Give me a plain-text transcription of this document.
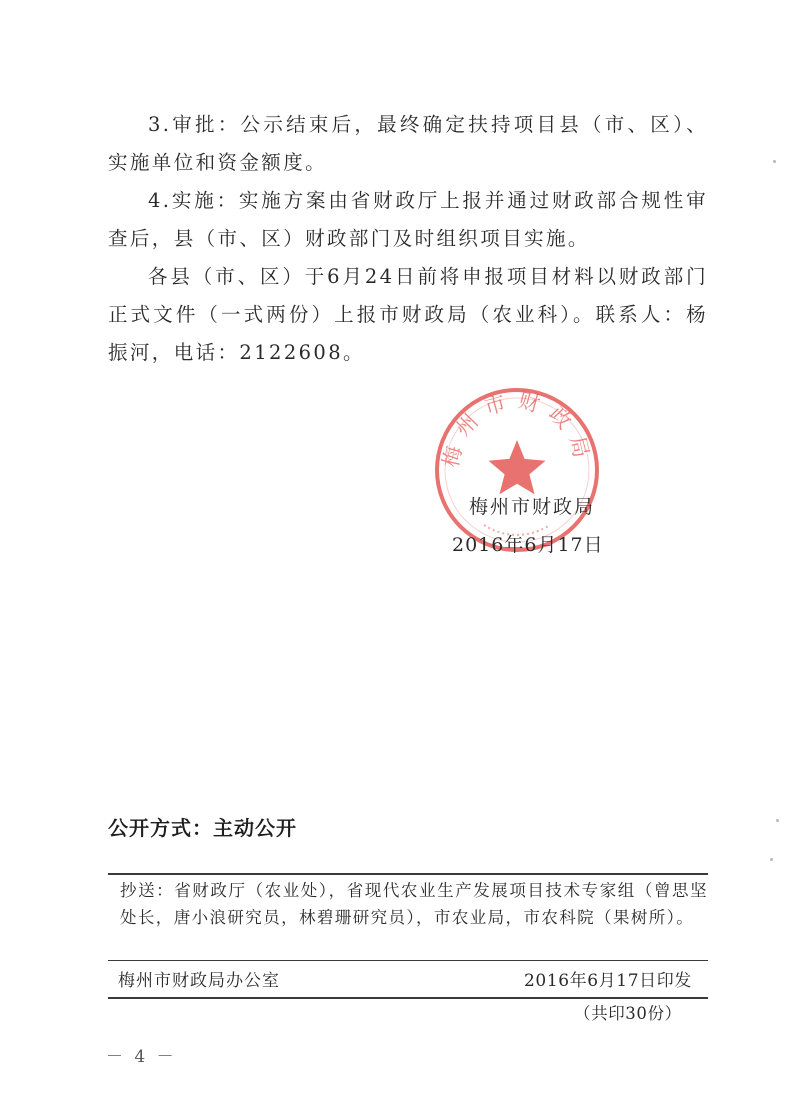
3.审批：公示结束后，最终确定扶持项目县（市、区）、实施单位和资金额度。

4.实施：实施方案由省财政厅上报并通过财政部合规性审查后，县（市、区）财政部门及时组织项目实施。

各县（市、区）于6月24日前将申报项目材料以财政部门正式文件（一式两份）上报市财政局（农业科）。联系人：杨振河，电话：2122608。

梅州市财政局
梅州市财政局
2016年6月17日
公开方式：主动公开

抄送：省财政厅（农业处），省现代农业生产发展项目技术专家组（曾思坚处长，唐小浪研究员，林碧珊研究员），市农业局，市农科院（果树所）。

梅州市财政局办公室	2016年6月17日印发
（共印30份）
－ 4 －
